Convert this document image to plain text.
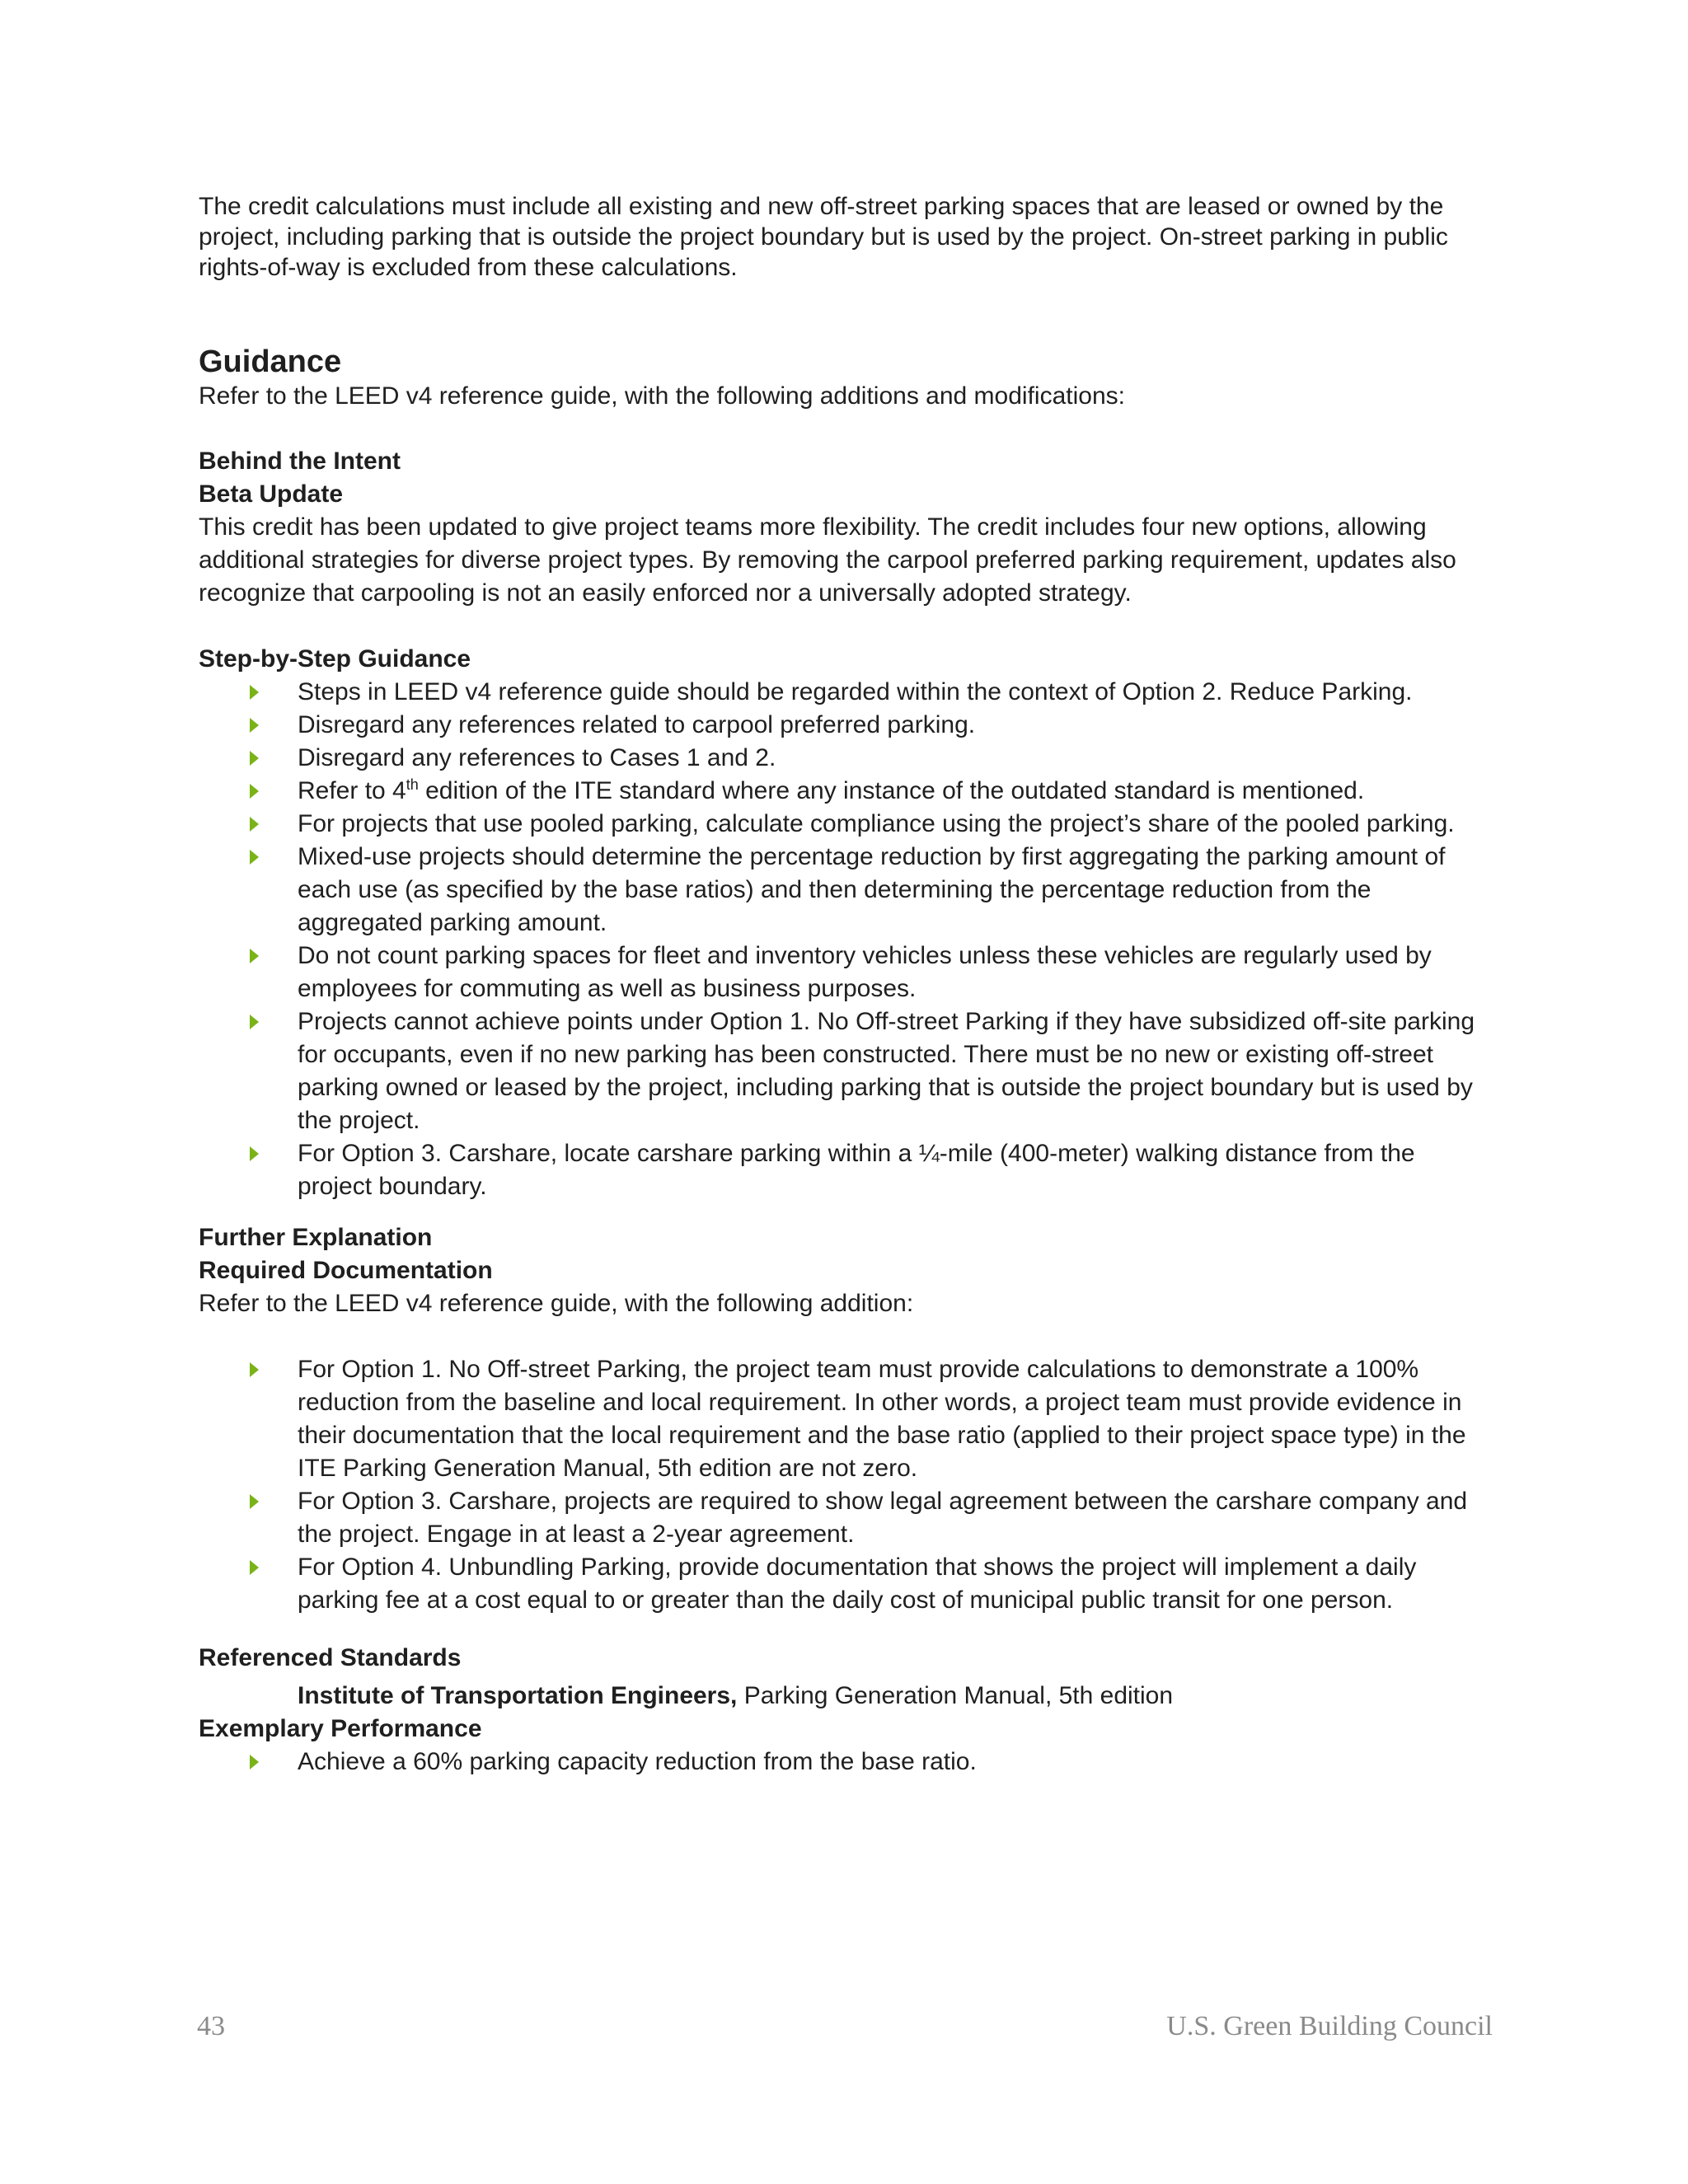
The credit calculations must include all existing and new off-street parking spaces that are leased or owned by the project, including parking that is outside the project boundary but is used by the project. On-street parking in public rights-of-way is excluded from these calculations.

Guidance

Refer to the LEED v4 reference guide, with the following additions and modifications:

Behind the Intent
Beta Update

This credit has been updated to give project teams more flexibility. The credit includes four new options, allowing additional strategies for diverse project types. By removing the carpool preferred parking requirement, updates also recognize that carpooling is not an easily enforced nor a universally adopted strategy.

Step-by-Step Guidance
Steps in LEED v4 reference guide should be regarded within the context of Option 2. Reduce Parking.
Disregard any references related to carpool preferred parking.
Disregard any references to Cases 1 and 2.
Refer to 4th edition of the ITE standard where any instance of the outdated standard is mentioned.
For projects that use pooled parking, calculate compliance using the project’s share of the pooled parking.
Mixed-use projects should determine the percentage reduction by first aggregating the parking amount of each use (as specified by the base ratios) and then determining the percentage reduction from the aggregated parking amount.
Do not count parking spaces for fleet and inventory vehicles unless these vehicles are regularly used by employees for commuting as well as business purposes.
Projects cannot achieve points under Option 1. No Off-street Parking if they have subsidized off-site parking for occupants, even if no new parking has been constructed. There must be no new or existing off-street parking owned or leased by the project, including parking that is outside the project boundary but is used by the project.
For Option 3. Carshare, locate carshare parking within a ¼-mile (400-meter) walking distance from the project boundary.
Further Explanation
Required Documentation

Refer to the LEED v4 reference guide, with the following addition:

For Option 1. No Off-street Parking, the project team must provide calculations to demonstrate a 100% reduction from the baseline and local requirement. In other words, a project team must provide evidence in their documentation that the local requirement and the base ratio (applied to their project space type) in the ITE Parking Generation Manual, 5th edition are not zero.
For Option 3. Carshare, projects are required to show legal agreement between the carshare company and the project. Engage in at least a 2-year agreement.
For Option 4. Unbundling Parking, provide documentation that shows the project will implement a daily parking fee at a cost equal to or greater than the daily cost of municipal public transit for one person.
Referenced Standards
Institute of Transportation Engineers, Parking Generation Manual, 5th edition
Exemplary Performance
Achieve a 60% parking capacity reduction from the base ratio.
43	U.S. Green Building Council
